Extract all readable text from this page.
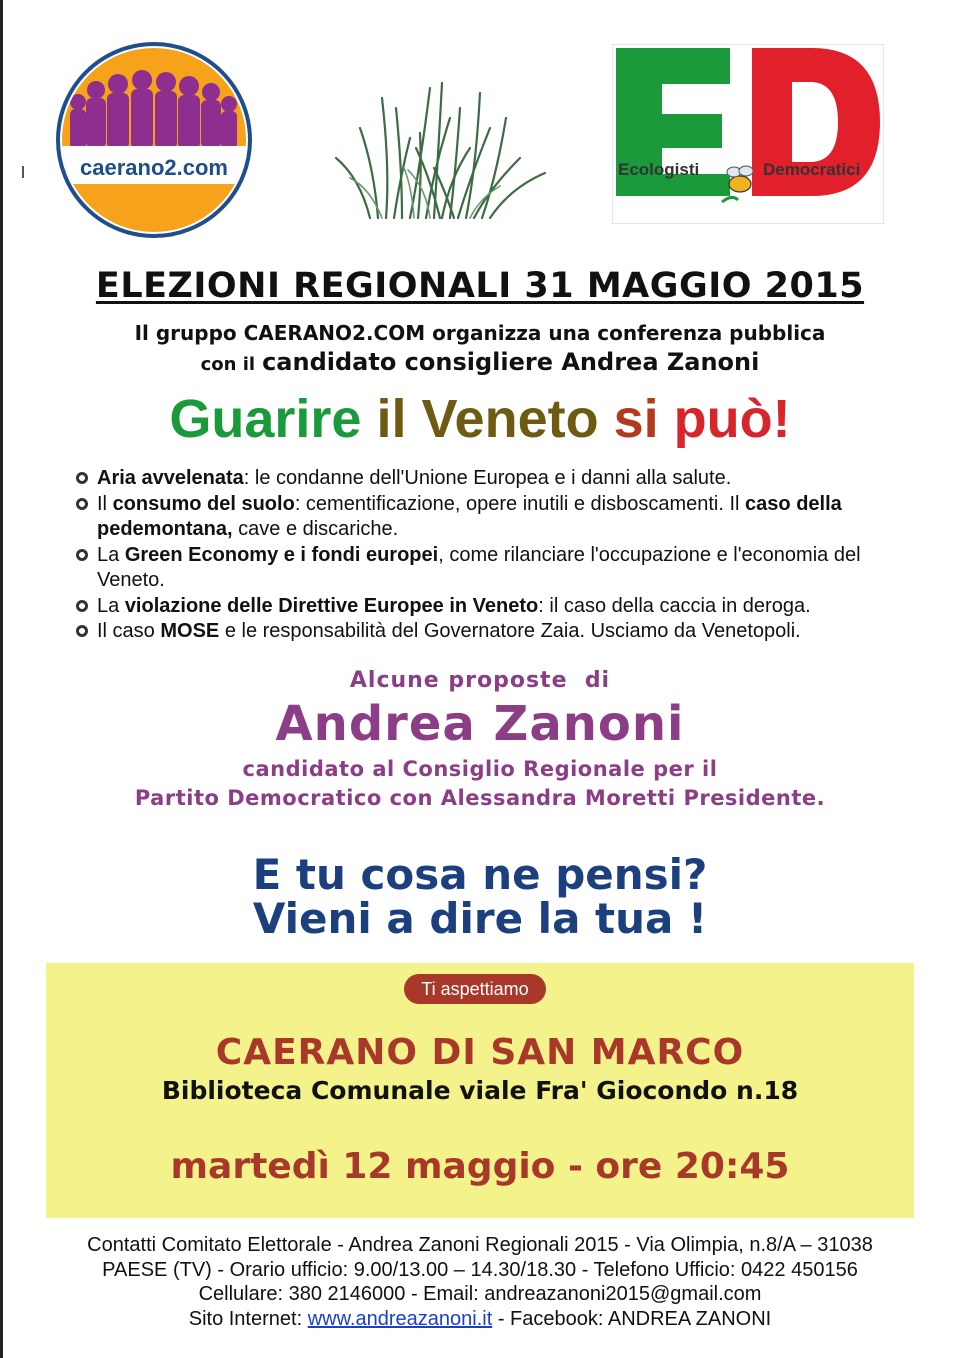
caerano2.com	Ecologisti	Democratici
ELEZIONI REGIONALI 31 MAGGIO 2015
Il gruppo CAERANO2.COM organizza una conferenza pubblica
con il candidato consigliere Andrea Zanoni
Guarire il Veneto si può!
Aria avvelenata: le condanne dell'Unione Europea e i danni alla salute.
Il consumo del suolo: cementificazione, opere inutili e disboscamenti. Il caso della pedemontana, cave e discariche.
La Green Economy e i fondi europei, come rilanciare l'occupazione e l'economia del Veneto.
La violazione delle Direttive Europee in Veneto: il caso della caccia in deroga.
Il caso MOSE e le responsabilità del Governatore Zaia. Usciamo da Venetopoli.
Alcune proposte  di
Andrea Zanoni
candidato al Consiglio Regionale per il
Partito Democratico con Alessandra Moretti Presidente.
E tu cosa ne pensi?
Vieni a dire la tua !
Ti aspettiamo
CAERANO DI SAN MARCO
Biblioteca Comunale viale Fra' Giocondo n.18
martedì 12 maggio - ore 20:45
Contatti Comitato Elettorale - Andrea Zanoni Regionali 2015 - Via Olimpia, n.8/A – 31038
PAESE (TV) - Orario ufficio: 9.00/13.00 – 14.30/18.30 - Telefono Ufficio: 0422 450156
Cellulare: 380 2146000 - Email: andreazanoni2015@gmail.com
Sito Internet: www.andreazanoni.it - Facebook: ANDREA ZANONI
